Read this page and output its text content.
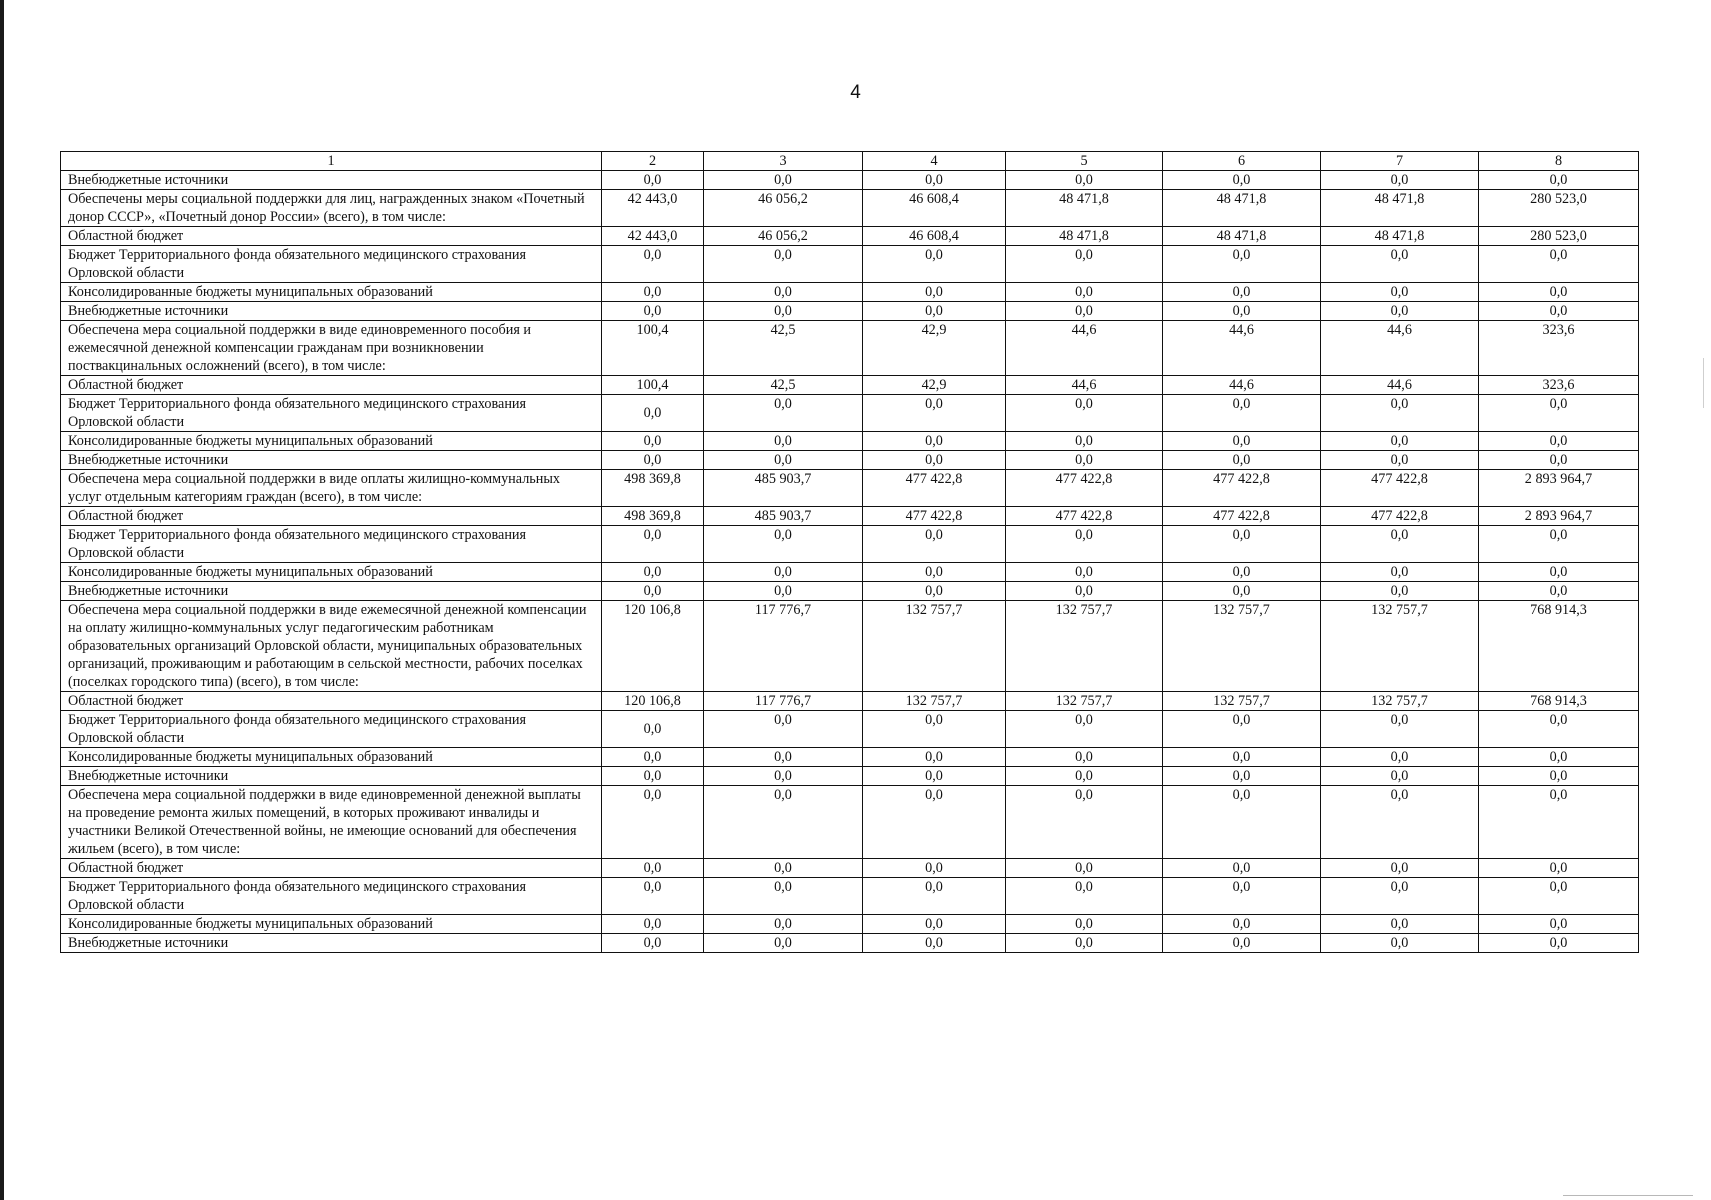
4
1	2	3	4	5	6	7	8
Внебюджетные источники	0,0	0,0	0,0	0,0	0,0	0,0	0,0
Обеспечены меры социальной поддержки для лиц, награжденных знаком «Почетный донор СССР», «Почетный донор России» (всего), в том числе:	42 443,0	46 056,2	46 608,4	48 471,8	48 471,8	48 471,8	280 523,0
Областной бюджет	42 443,0	46 056,2	46 608,4	48 471,8	48 471,8	48 471,8	280 523,0
Бюджет Территориального фонда обязательного медицинского страхования Орловской области	0,0	0,0	0,0	0,0	0,0	0,0	0,0
Консолидированные бюджеты муниципальных образований	0,0	0,0	0,0	0,0	0,0	0,0	0,0
Внебюджетные источники	0,0	0,0	0,0	0,0	0,0	0,0	0,0
Обеспечена мера социальной поддержки в виде единовременного пособия и ежемесячной денежной компенсации гражданам при возникновении поствакцинальных осложнений (всего), в том числе:	100,4	42,5	42,9	44,6	44,6	44,6	323,6
Областной бюджет	100,4	42,5	42,9	44,6	44,6	44,6	323,6
Бюджет Территориального фонда обязательного медицинского страхования Орловской области	0,0	0,0	0,0	0,0	0,0	0,0	0,0
Консолидированные бюджеты муниципальных образований	0,0	0,0	0,0	0,0	0,0	0,0	0,0
Внебюджетные источники	0,0	0,0	0,0	0,0	0,0	0,0	0,0
Обеспечена мера социальной поддержки в виде оплаты жилищно-коммунальных услуг отдельным категориям граждан (всего), в том числе:	498 369,8	485 903,7	477 422,8	477 422,8	477 422,8	477 422,8	2 893 964,7
Областной бюджет	498 369,8	485 903,7	477 422,8	477 422,8	477 422,8	477 422,8	2 893 964,7
Бюджет Территориального фонда обязательного медицинского страхования Орловской области	0,0	0,0	0,0	0,0	0,0	0,0	0,0
Консолидированные бюджеты муниципальных образований	0,0	0,0	0,0	0,0	0,0	0,0	0,0
Внебюджетные источники	0,0	0,0	0,0	0,0	0,0	0,0	0,0
Обеспечена мера социальной поддержки в виде ежемесячной денежной компенсации на оплату жилищно-коммунальных услуг педагогическим работникам образовательных организаций Орловской области, муниципальных образовательных организаций, проживающим и работающим в сельской местности, рабочих поселках (поселках городского типа) (всего), в том числе:	120 106,8	117 776,7	132 757,7	132 757,7	132 757,7	132 757,7	768 914,3
Областной бюджет	120 106,8	117 776,7	132 757,7	132 757,7	132 757,7	132 757,7	768 914,3
Бюджет Территориального фонда обязательного медицинского страхования Орловской области	0,0	0,0	0,0	0,0	0,0	0,0	0,0
Консолидированные бюджеты муниципальных образований	0,0	0,0	0,0	0,0	0,0	0,0	0,0
Внебюджетные источники	0,0	0,0	0,0	0,0	0,0	0,0	0,0
Обеспечена мера социальной поддержки в виде единовременной денежной выплаты на проведение ремонта жилых помещений, в которых проживают инвалиды и участники Великой Отечественной войны, не имеющие оснований для обеспечения жильем (всего), в том числе:	0,0	0,0	0,0	0,0	0,0	0,0	0,0
Областной бюджет	0,0	0,0	0,0	0,0	0,0	0,0	0,0
Бюджет Территориального фонда обязательного медицинского страхования Орловской области	0,0	0,0	0,0	0,0	0,0	0,0	0,0
Консолидированные бюджеты муниципальных образований	0,0	0,0	0,0	0,0	0,0	0,0	0,0
Внебюджетные источники	0,0	0,0	0,0	0,0	0,0	0,0	0,0
